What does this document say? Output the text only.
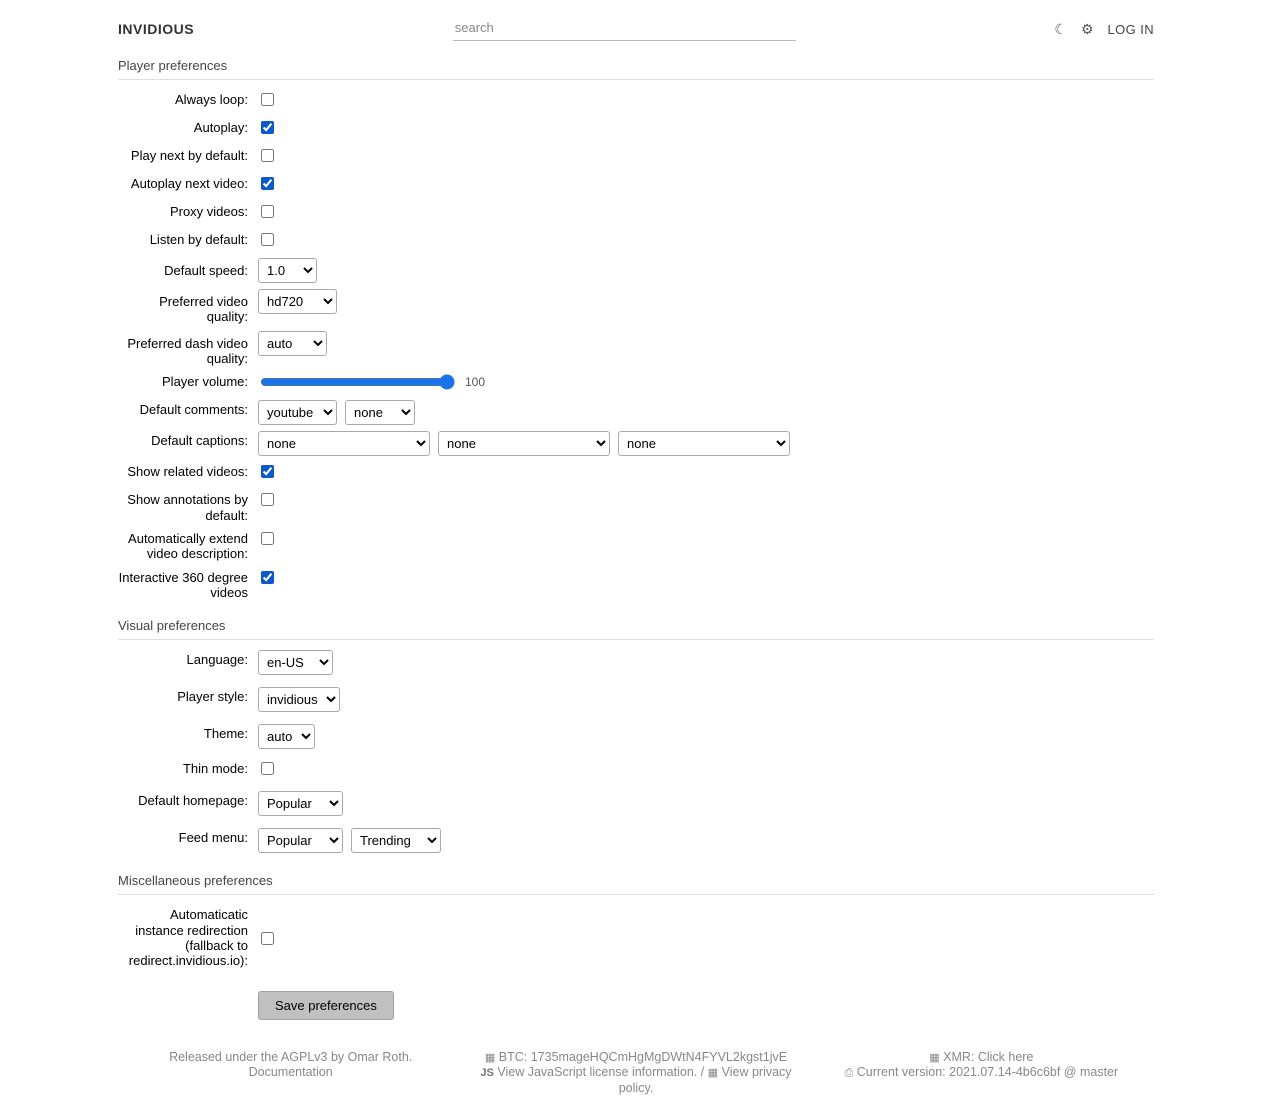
INVIDIOUS
search	☾ ⚙ LOG IN
Player preferences
Always loop:
Autoplay:
Play next by default:
Autoplay next video:
Proxy videos:
Listen by default:
Default speed:
1.0
Preferred video quality:
hd720
Preferred dash video quality:
auto
Player volume:	100
Default comments:
youtube
none
Default captions:
none
none
none
Show related videos:
Show annotations by default:
Automatically extend video description:
Interactive 360 degree videos
Visual preferences
Language:
en-US
Player style:
invidious
Theme:
auto
Thin mode:
Default homepage:
Popular
Feed menu:
Popular
Trending
Miscellaneous preferences
Automaticatic instance redirection (fallback to redirect.invidious.io):
Save preferences
Released under the AGPLv3 by Omar Roth.
Documentation
▦ BTC: 1735mageHQCmHgMgDWtN4FYVL2kgst1jvE
JS View JavaScript license information. / ▦ View privacy policy.
▦ XMR: Click here
⎙ Current version: 2021.07.14-4b6c6bf @ master
